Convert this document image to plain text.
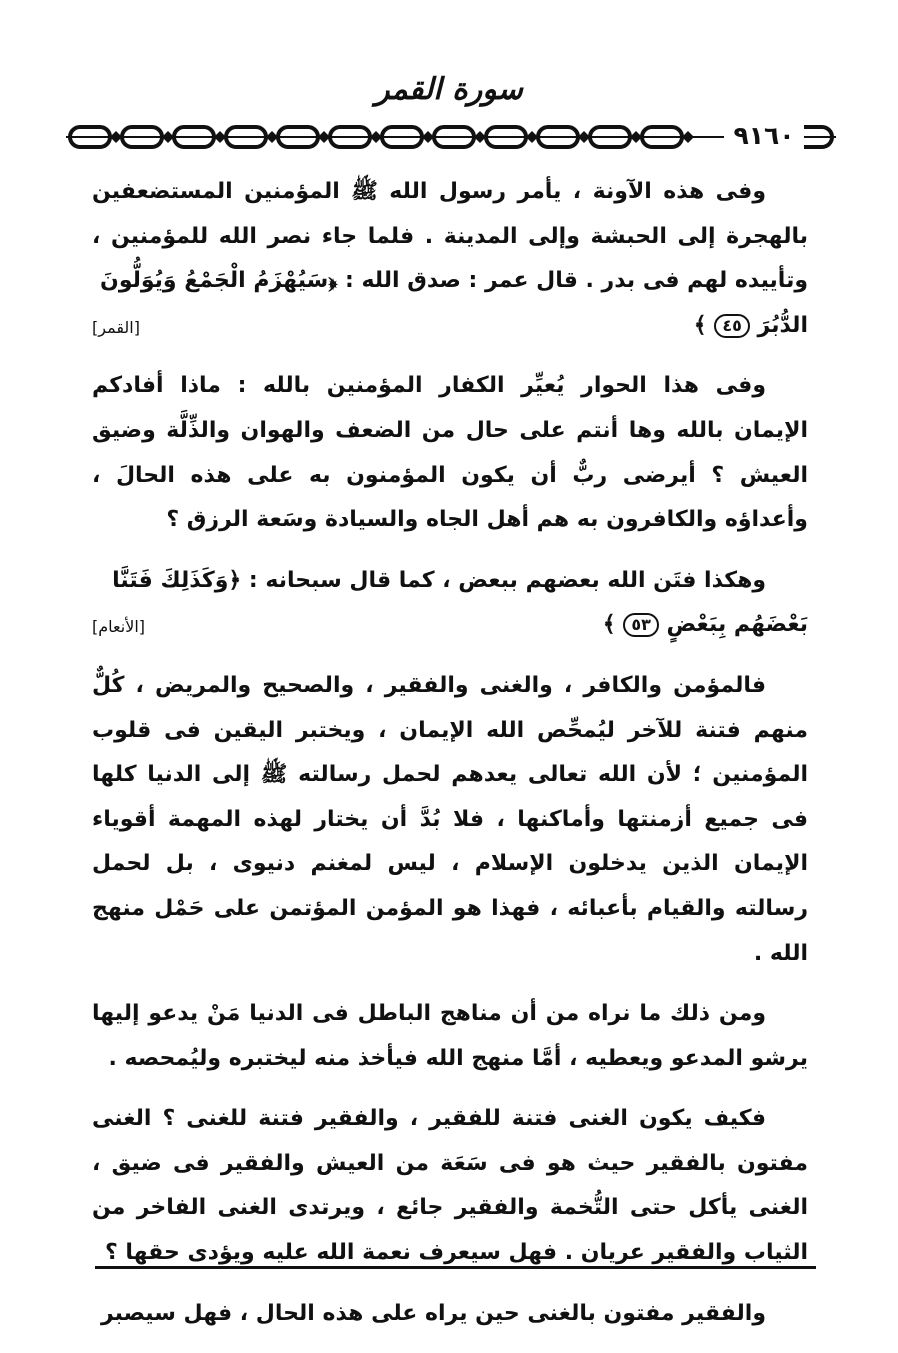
سورة القمر
٩١٦٠

وفى هذه الآونة ، يأمر رسول الله ﷺ المؤمنين المستضعفين بالهجرة إلى الحبشة وإلى المدينة . فلما جاء نصر الله للمؤمنين ، وتأييده لهم فى بدر . قال عمر : صدق الله : ﴿سَيُهْزَمُ الْجَمْعُ وَيُوَلُّونَ

الدُّبُرَ ٤٥ ﴾
[القمر]

وفى هذا الحوار يُعيِّر الكفار المؤمنين بالله : ماذا أفادكم الإيمان بالله وها أنتم على حال من الضعف والهوان والذِّلَّة وضيق العيش ؟ أيرضى ربٌّ أن يكون المؤمنون به على هذه الحالَ ، وأعداؤه والكافرون به هم أهل الجاه والسيادة وسَعة الرزق ؟

وهكذا فتَن الله بعضهم ببعض ، كما قال سبحانه : ﴿وَكَذَلِكَ فَتَنَّا

بَعْضَهُم بِبَعْضٍ ٥٣ ﴾
[الأنعام]

فالمؤمن والكافر ، والغنى والفقير ، والصحيح والمريض ، كُلٌّ منهم فتنة للآخر ليُمحِّص الله الإيمان ، ويختبر اليقين فى قلوب المؤمنين ؛ لأن الله تعالى يعدهم لحمل رسالته ﷺ إلى الدنيا كلها فى جميع أزمنتها وأماكنها ، فلا بُدَّ أن يختار لهذه المهمة أقوياء الإيمان الذين يدخلون الإسلام ، ليس لمغنم دنيوى ، بل لحمل رسالته والقيام بأعبائه ، فهذا هو المؤمن المؤتمن على حَمْل منهج الله .

ومن ذلك ما نراه من أن مناهج الباطل فى الدنيا مَنْ يدعو إليها يرشو المدعو ويعطيه ، أمَّا منهج الله فيأخذ منه ليختبره وليُمحصه .

فكيف يكون الغنى فتنة للفقير ، والفقير فتنة للغنى ؟ الغنى مفتون بالفقير حيث هو فى سَعَة من العيش والفقير فى ضيق ، الغنى يأكل حتى التُّخمة والفقير جائع ، ويرتدى الغنى الفاخر من الثياب والفقير عريان . فهل سيعرف نعمة الله عليه ويؤدى حقها ؟

والفقير مفتون بالغنى حين يراه على هذه الحال ، فهل سيصبر
